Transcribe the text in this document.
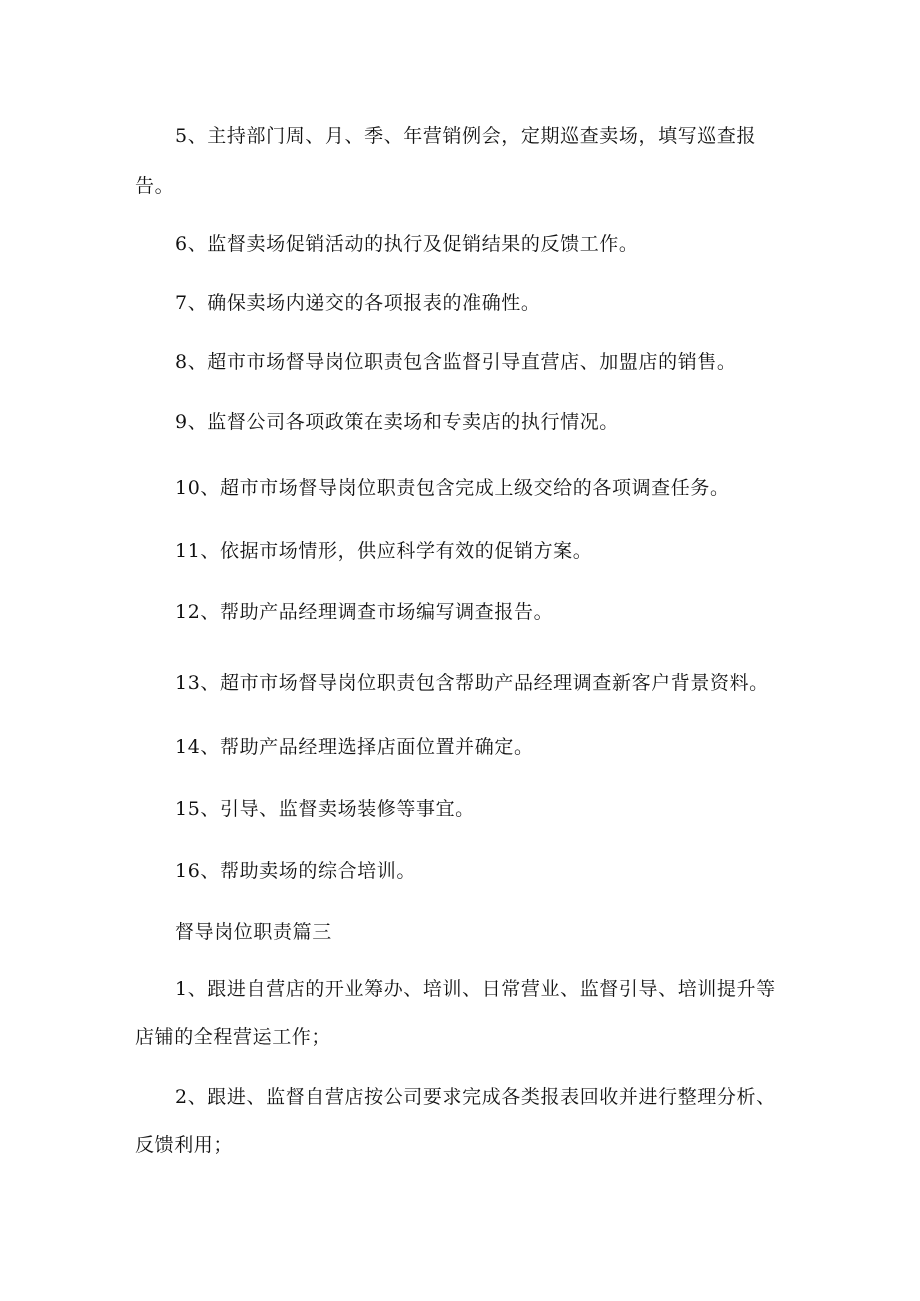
5、主持部门周、月、季、年营销例会，定期巡查卖场，填写巡查报
告。
6、监督卖场促销活动的执行及促销结果的反馈工作。
7、确保卖场内递交的各项报表的准确性。
8、超市市场督导岗位职责包含监督引导直营店、加盟店的销售。
9、监督公司各项政策在卖场和专卖店的执行情况。
10、超市市场督导岗位职责包含完成上级交给的各项调查任务。
11、依据市场情形，供应科学有效的促销方案。
12、帮助产品经理调查市场编写调查报告。
13、超市市场督导岗位职责包含帮助产品经理调查新客户背景资料。
14、帮助产品经理选择店面位置并确定。
15、引导、监督卖场装修等事宜。
16、帮助卖场的综合培训。
督导岗位职责篇三
1、跟进自营店的开业筹办、培训、日常营业、监督引导、培训提升等
店铺的全程营运工作；
2、跟进、监督自营店按公司要求完成各类报表回收并进行整理分析、
反馈利用；
